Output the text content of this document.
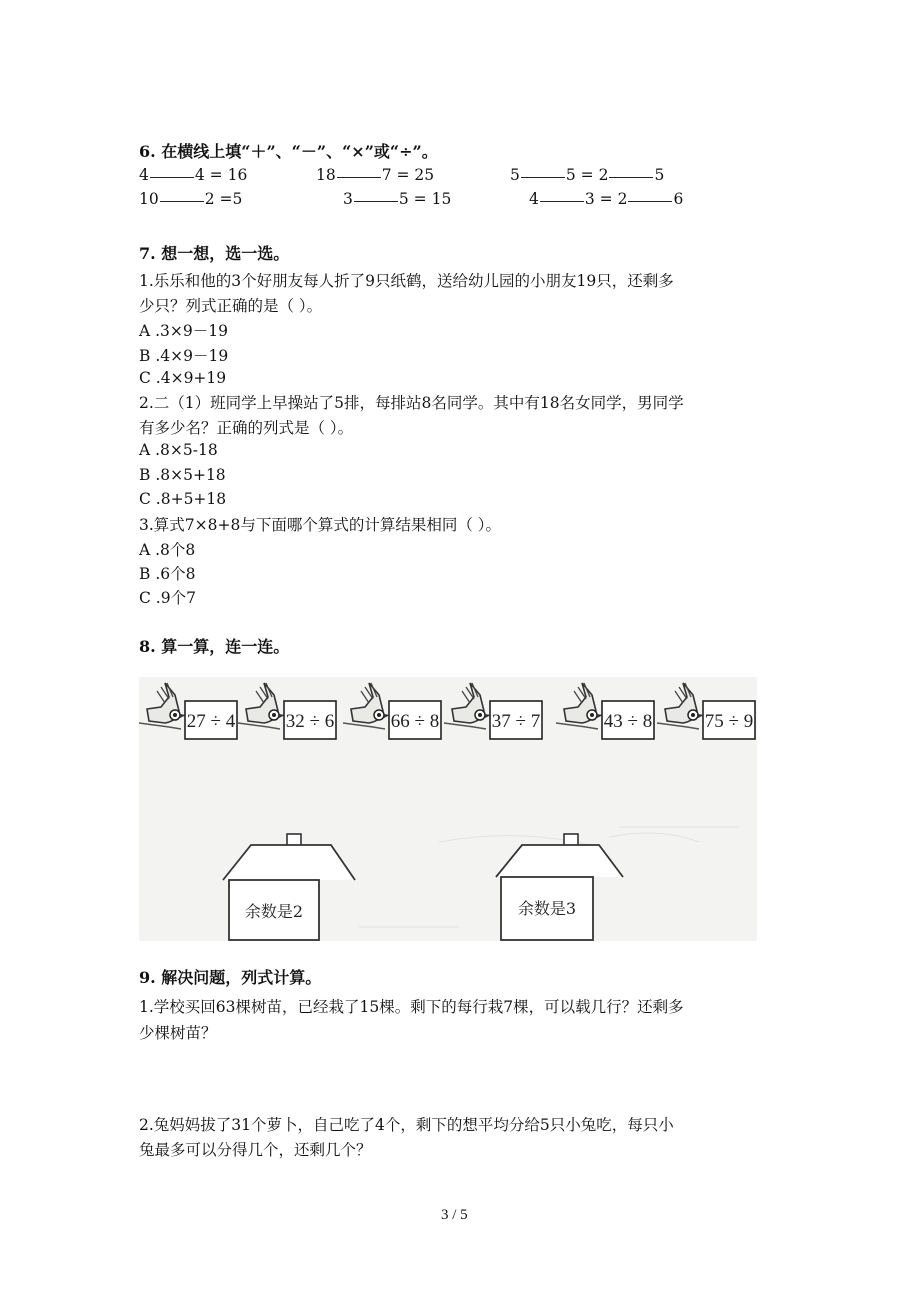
6. 在横线上填“＋”、“－”、“×”或“÷”。
4	4 = 16	18	7 = 25	5	5 = 2	5
10	2 =5	3	5 = 15	4	3 = 2	6
7. 想一想，选一选。
1.乐乐和他的3个好朋友每人折了9只纸鹤，送给幼儿园的小朋友19只，还剩多
少只？列式正确的是（ ）。
A .3×9－19
B .4×9－19
C .4×9+19
2.二（1）班同学上早操站了5排，每排站8名同学。其中有18名女同学，男同学
有多少名？正确的列式是（ ）。
A .8×5-18
B .8×5+18
C .8+5+18
3.算式7×8+8与下面哪个算式的计算结果相同（ ）。
A .8个8
B .6个8
C .9个7
8. 算一算，连一连。
27 ÷ 4	32 ÷ 6	66 ÷ 8	37 ÷ 7	43 ÷ 8	75 ÷ 9
余数是2	余数是3
9. 解决问题，列式计算。
1.学校买回63棵树苗，已经栽了15棵。剩下的每行栽7棵，可以载几行？还剩多
少棵树苗？
2.兔妈妈拔了31个萝卜，自己吃了4个，剩下的想平均分给5只小兔吃，每只小
兔最多可以分得几个，还剩几个？
3 / 5
